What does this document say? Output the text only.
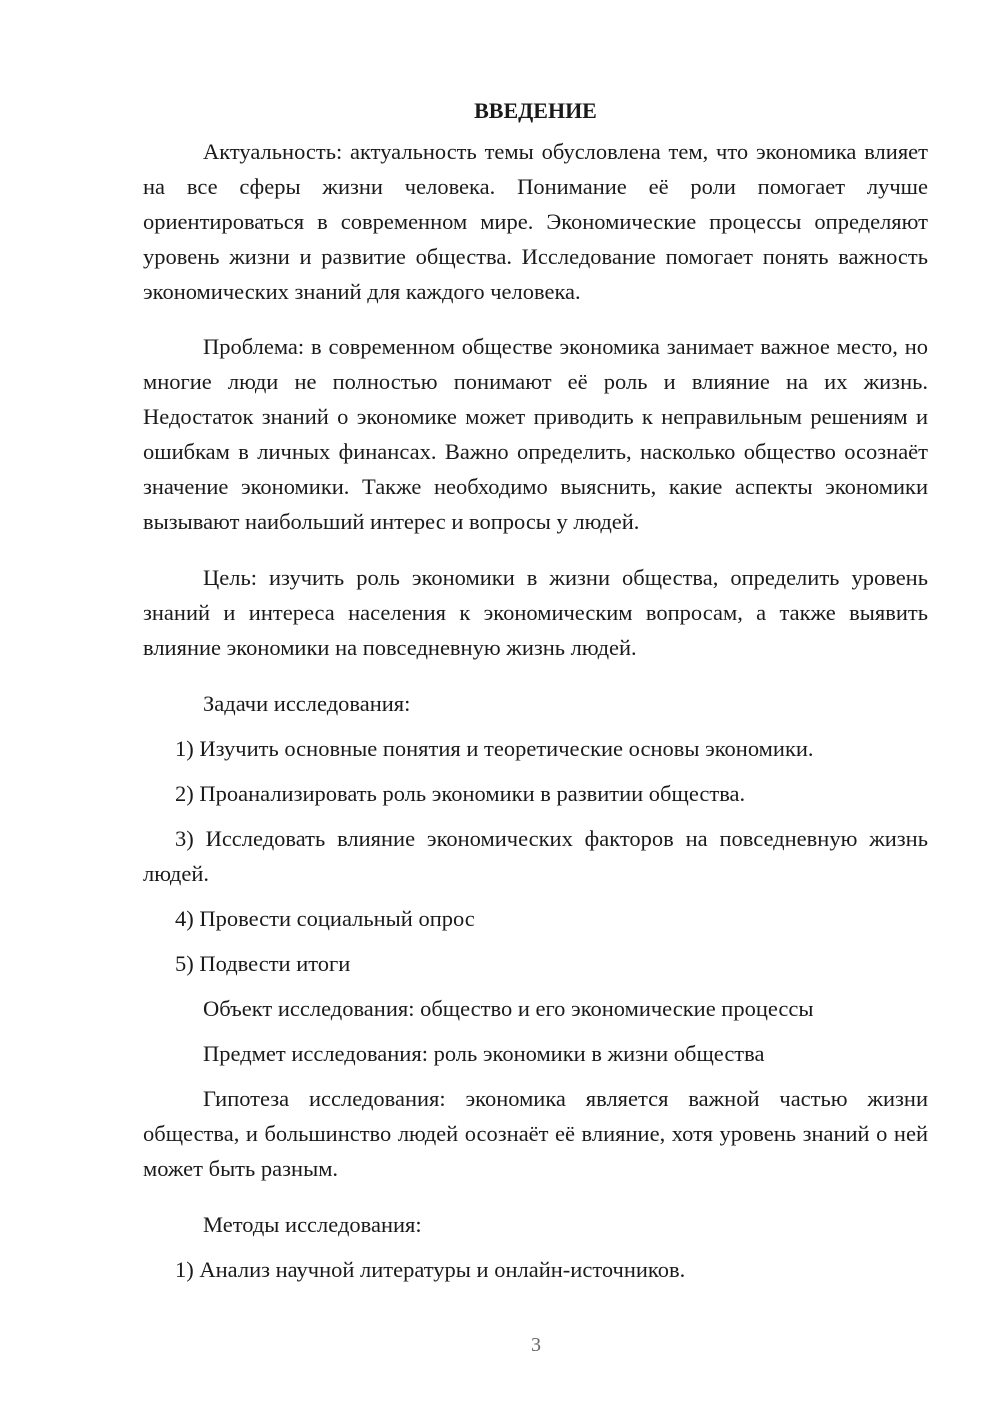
ВВЕДЕНИЕ

Актуальность: актуальность темы обусловлена тем, что экономика влияет на все сферы жизни человека. Понимание её роли помогает лучше ориентироваться в современном мире. Экономические процессы определяют уровень жизни и развитие общества. Исследование помогает понять важность экономических знаний для каждого человека.

Проблема: в современном обществе экономика занимает важное место, но многие люди не полностью понимают её роль и влияние на их жизнь. Недостаток знаний о экономике может приводить к неправильным решениям и ошибкам в личных финансах. Важно определить, насколько общество осознаёт значение экономики. Также необходимо выяснить, какие аспекты экономики вызывают наибольший интерес и вопросы у людей.

Цель: изучить роль экономики в жизни общества, определить уровень знаний и интереса населения к экономическим вопросам, а также выявить влияние экономики на повседневную жизнь людей.

Задачи исследования:

1) Изучить основные понятия и теоретические основы экономики.

2) Проанализировать роль экономики в развитии общества.

3) Исследовать влияние экономических факторов на повседневную жизнь людей.

4) Провести социальный опрос

5) Подвести итоги

Объект исследования: общество и его экономические процессы

Предмет исследования: роль экономики в жизни общества

Гипотеза исследования: экономика является важной частью жизни общества, и большинство людей осознаёт её влияние, хотя уровень знаний о ней может быть разным.

Методы исследования:

1) Анализ научной литературы и онлайн-источников.

3
